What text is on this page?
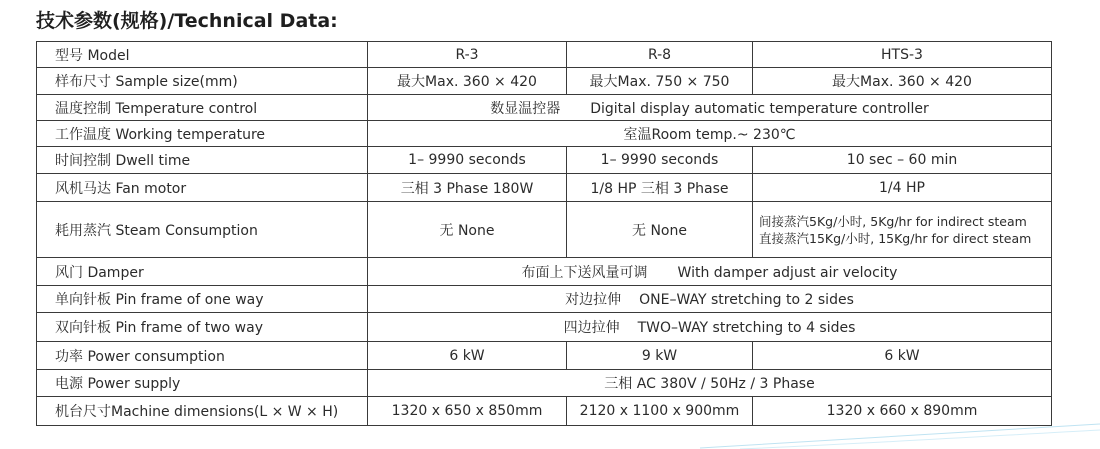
技术参数(规格)/Technical Data:
型号 Model	R-3	R-8	HTS-3
样布尺寸 Sample size(mm)	最大Max. 360 × 420	最大Max. 750 × 750	最大Max. 360 × 420
温度控制 Temperature control	数显温控器 Digital display automatic temperature controller		
工作温度 Working temperature	室温Room temp.~ 230℃		
时间控制 Dwell time	1– 9990 seconds	1– 9990 seconds	10 sec – 60 min
风机马达 Fan motor	三相 3 Phase 180W	1/8 HP 三相 3 Phase	1/4 HP
耗用蒸汽 Steam Consumption	无 None	无 None	间接蒸汽5Kg/小时, 5Kg/hr for indirect steam
直接蒸汽15Kg/小时, 15Kg/hr for direct steam

风门 Damper	布面上下送风量可调 With damper adjust air velocity		
单向针板 Pin frame of one way	对边拉伸 ONE–WAY stretching to 2 sides		
双向针板 Pin frame of two way	四边拉伸 TWO–WAY stretching to 4 sides		
功率 Power consumption	6 kW	9 kW	6 kW
电源 Power supply	三相 AC 380V / 50Hz / 3 Phase		
机台尺寸Machine dimensions(L × W × H)	1320 x 650 x 850mm	2120 x 1100 x 900mm	1320 x 660 x 890mm
